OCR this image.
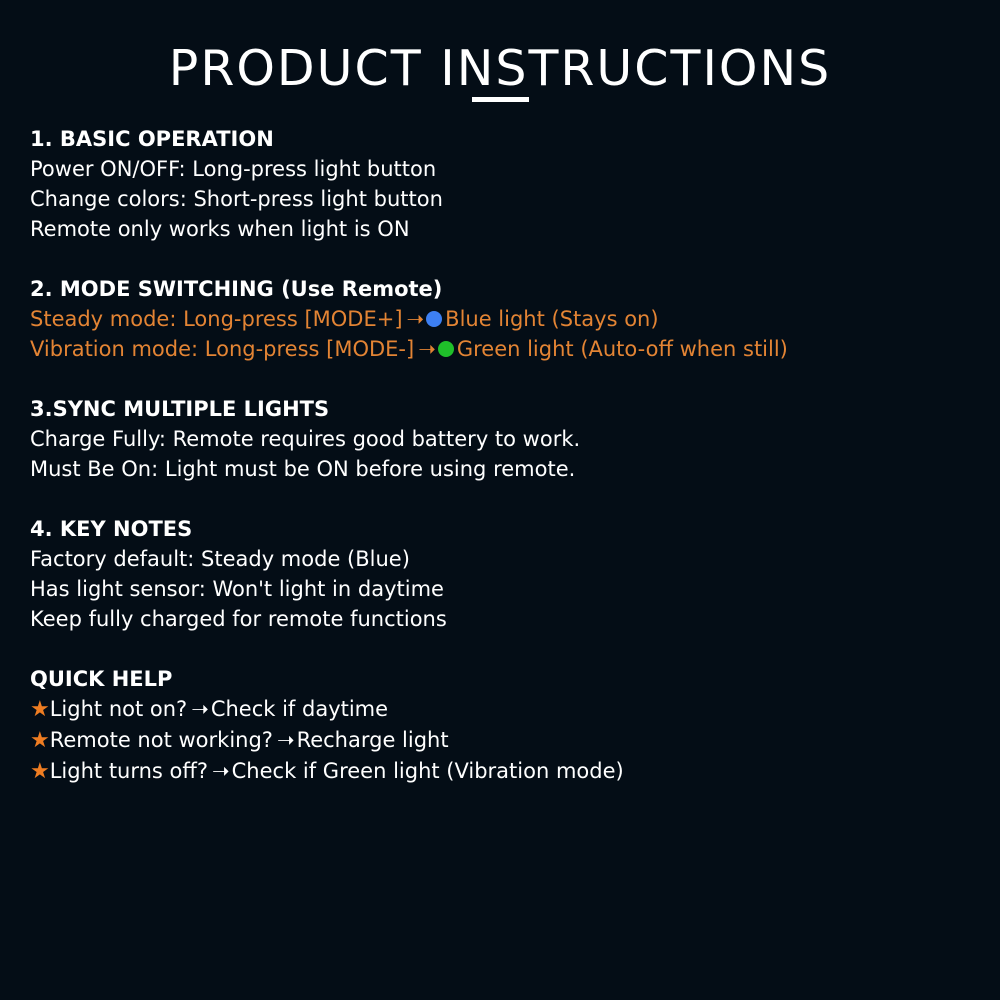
PRODUCT INSTRUCTIONS

1. BASIC OPERATION

Power ON/OFF: Long-press light button

Change colors: Short-press light button

Remote only works when light is ON

2. MODE SWITCHING (Use Remote)

Steady mode: Long-press [MODE+] ➝ Blue light (Stays on)

Vibration mode: Long-press [MODE-] ➝ Green light (Auto-off when still)

3.SYNC MULTIPLE LIGHTS

Charge Fully: Remote requires good battery to work.

Must Be On: Light must be ON before using remote.

4. KEY NOTES

Factory default: Steady mode (Blue)

Has light sensor: Won't light in daytime

Keep fully charged for remote functions

QUICK HELP

★Light not on? ➝Check if daytime

★Remote not working? ➝Recharge light

★Light turns off? ➝Check if Green light (Vibration mode)
